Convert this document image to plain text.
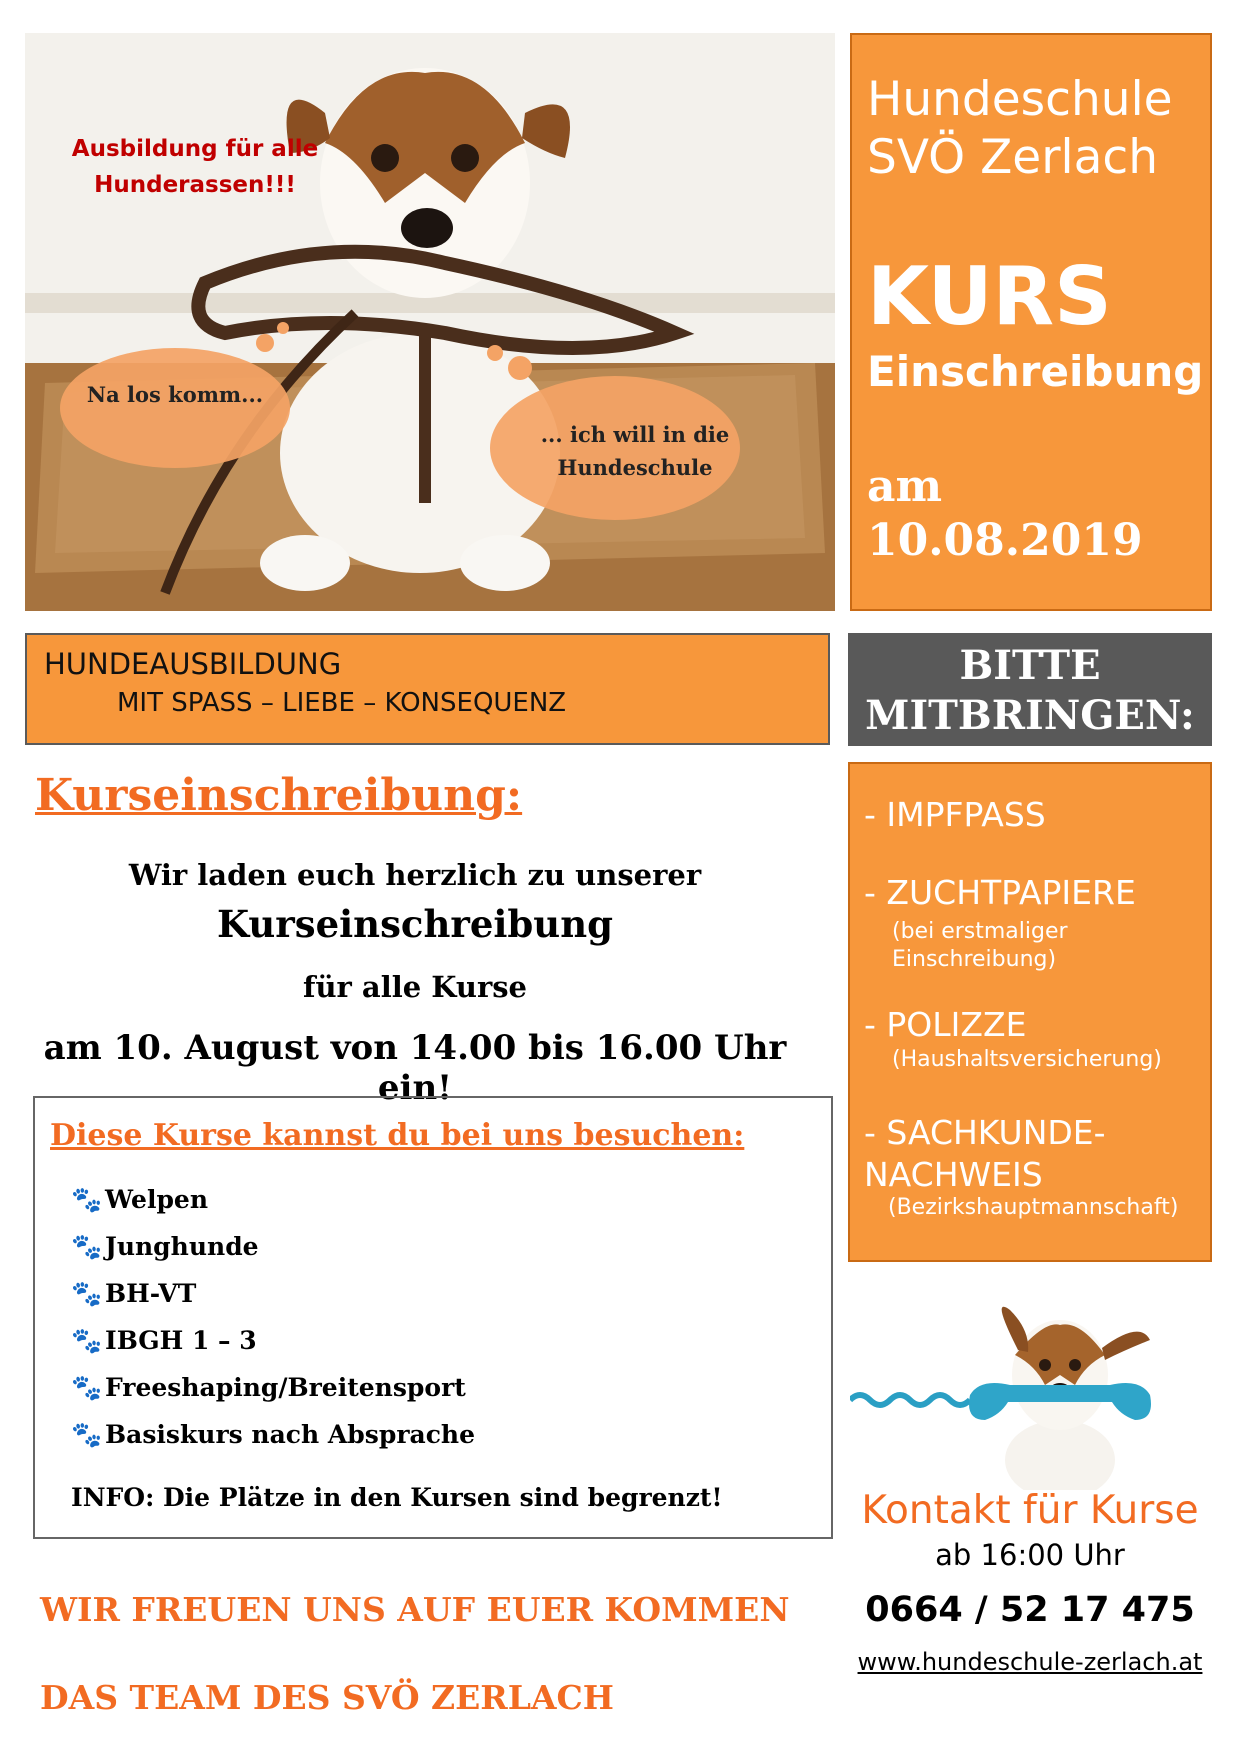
Ausbildung für alle Hunderassen!!!
Na los komm...
... ich will in die Hundeschule
Hundeschule SVÖ Zerlach
KURS
Einschreibung
am 10.08.2019
HUNDEAUSBILDUNG
MIT SPASS – LIEBE – KONSEQUENZ
BITTE MITBRINGEN:
- IMPFPASS
- ZUCHTPAPIERE
(bei erstmaliger Einschreibung)
- POLIZZE
(Haushaltsversicherung)
- SACHKUNDE-NACHWEIS
(Bezirkshauptmannschaft)
Kurseinschreibung:
Wir laden euch herzlich zu unserer
Kurseinschreibung
für alle Kurse
am 10. August von 14.00 bis 16.00 Uhr ein!
Diese Kurse kannst du bei uns besuchen:
🐾 Welpen
🐾 Junghunde
🐾 BH-VT
🐾 IBGH 1 – 3
🐾 Freeshaping/Breitensport
🐾 Basiskurs nach Absprache
INFO: Die Plätze in den Kursen sind begrenzt!
WIR FREUEN UNS AUF EUER KOMMEN
DAS TEAM DES SVÖ ZERLACH
Kontakt für Kurse
ab 16:00 Uhr
0664 / 52 17 475
www.hundeschule-zerlach.at
